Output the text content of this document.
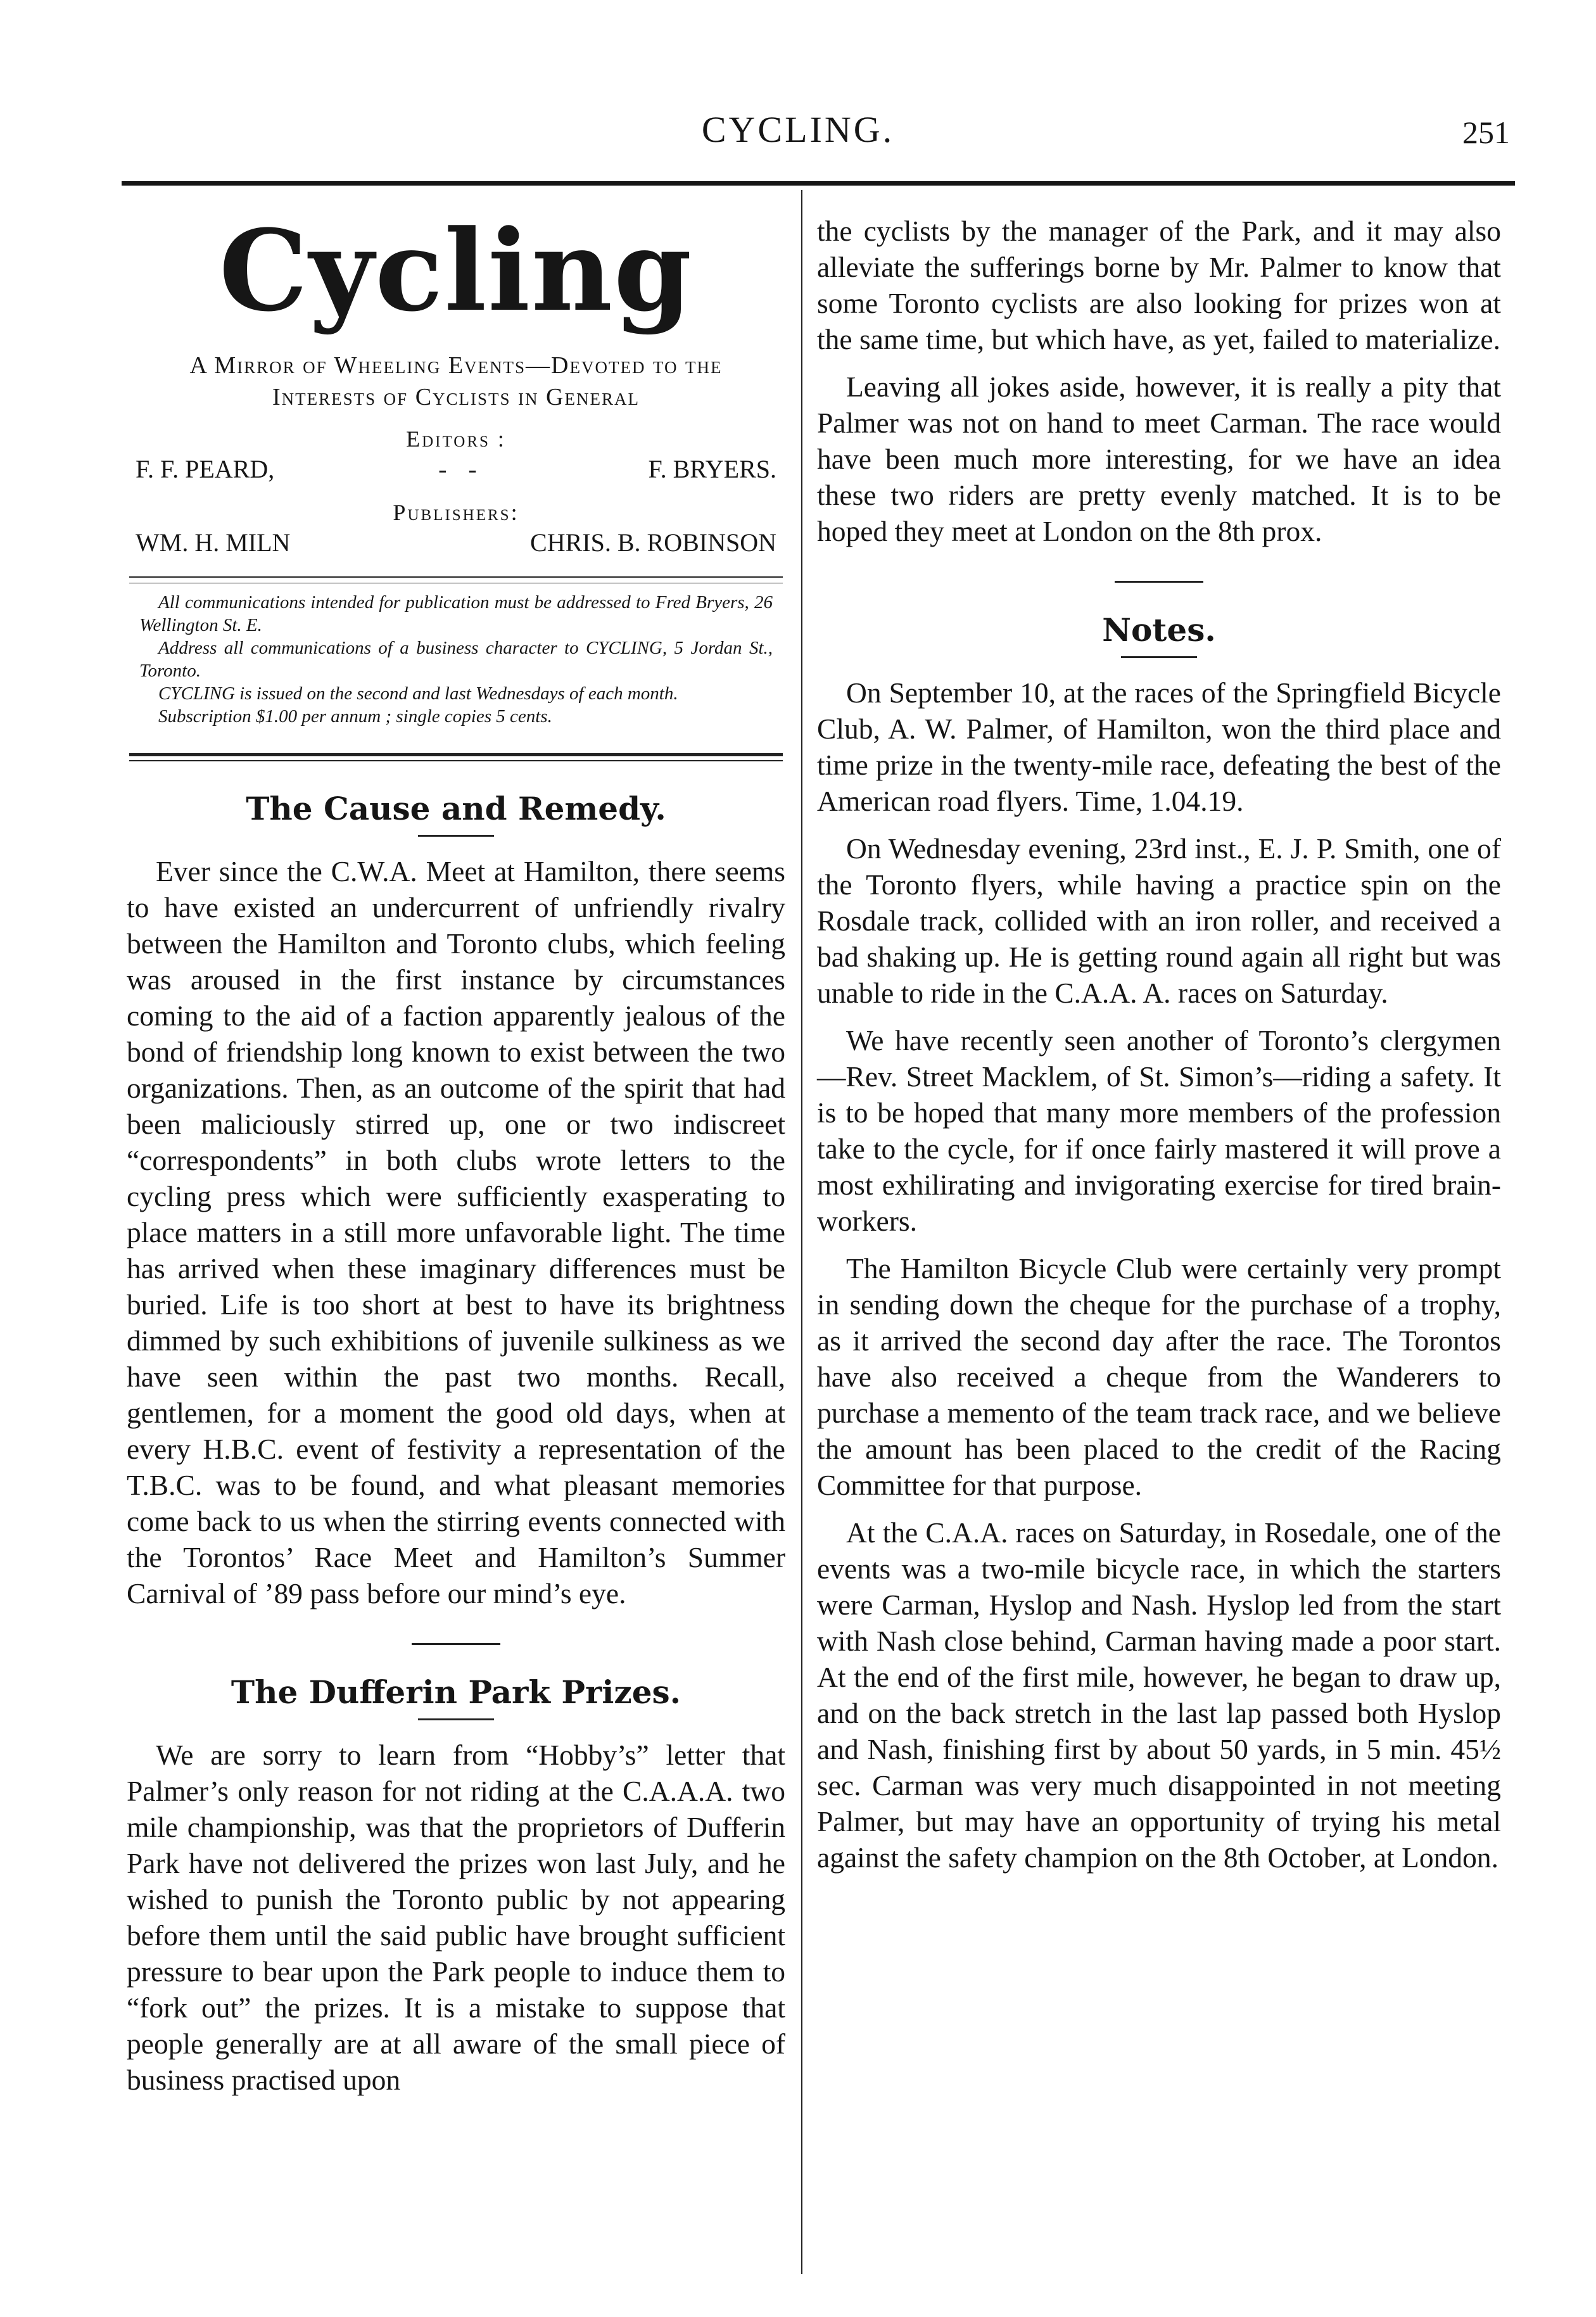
CYCLING.	251
Cycling
A Mirror of Wheeling Events—Devoted to the Interests of Cyclists in General
Editors :
F. F. PEARD,	- -	F. BRYERS.
Publishers:
WM. H. MILN	CHRIS. B. ROBINSON

All communications intended for publication must be addressed to Fred Bryers, 26 Wellington St. E.

Address all communications of a business character to CYCLING, 5 Jordan St., Toronto.

CYCLING is issued on the second and last Wednesdays of each month.

Subscription $1.00 per annum ; single copies 5 cents.

The Cause and Remedy.

Ever since the C.W.A. Meet at Hamilton, there seems to have existed an undercurrent of unfriendly rivalry between the Hamilton and Toronto clubs, which feeling was aroused in the first instance by circumstances coming to the aid of a faction apparently jealous of the bond of friendship long known to exist between the two organizations. Then, as an outcome of the spirit that had been maliciously stirred up, one or two indiscreet “correspondents” in both clubs wrote letters to the cycling press which were sufficiently exasperating to place matters in a still more unfavorable light. The time has arrived when these imaginary differences must be buried. Life is too short at best to have its brightness dimmed by such exhibitions of juvenile sulkiness as we have seen within the past two months. Recall, gentlemen, for a moment the good old days, when at every H.B.C. event of festivity a representation of the T.B.C. was to be found, and what pleasant memories come back to us when the stirring events connected with the Torontos’ Race Meet and Hamilton’s Summer Carnival of ’89 pass before our mind’s eye.

The Dufferin Park Prizes.

We are sorry to learn from “Hobby’s” letter that Palmer’s only reason for not riding at the C.A.A.A. two mile championship, was that the proprietors of Dufferin Park have not delivered the prizes won last July, and he wished to punish the Toronto public by not appearing before them until the said public have brought sufficient pressure to bear upon the Park people to induce them to “fork out” the prizes. It is a mistake to suppose that people generally are at all aware of the small piece of business practised upon

the cyclists by the manager of the Park, and it may also alleviate the sufferings borne by Mr. Palmer to know that some Toronto cyclists are also looking for prizes won at the same time, but which have, as yet, failed to materialize.

Leaving all jokes aside, however, it is really a pity that Palmer was not on hand to meet Carman. The race would have been much more interesting, for we have an idea these two riders are pretty evenly matched. It is to be hoped they meet at London on the 8th prox.

Notes.

On September 10, at the races of the Springfield Bicycle Club, A. W. Palmer, of Hamilton, won the third place and time prize in the twenty-mile race, defeating the best of the American road flyers. Time, 1.04.19.

On Wednesday evening, 23rd inst., E. J. P. Smith, one of the Toronto flyers, while having a practice spin on the Rosdale track, collided with an iron roller, and received a bad shaking up. He is getting round again all right but was unable to ride in the C.A.A. A. races on Saturday.

We have recently seen another of Toronto’s clergymen—Rev. Street Macklem, of St. Simon’s—riding a safety. It is to be hoped that many more members of the profession take to the cycle, for if once fairly mastered it will prove a most exhilirating and invigorating exercise for tired brain-workers.

The Hamilton Bicycle Club were certainly very prompt in sending down the cheque for the purchase of a trophy, as it arrived the second day after the race. The Torontos have also received a cheque from the Wanderers to purchase a memento of the team track race, and we believe the amount has been placed to the credit of the Racing Committee for that purpose.

At the C.A.A. races on Saturday, in Rosedale, one of the events was a two-mile bicycle race, in which the starters were Carman, Hyslop and Nash. Hyslop led from the start with Nash close behind, Carman having made a poor start. At the end of the first mile, however, he began to draw up, and on the back stretch in the last lap passed both Hyslop and Nash, finishing first by about 50 yards, in 5 min. 45½ sec. Carman was very much disappointed in not meeting Palmer, but may have an opportunity of trying his metal against the safety champion on the 8th October, at London.
